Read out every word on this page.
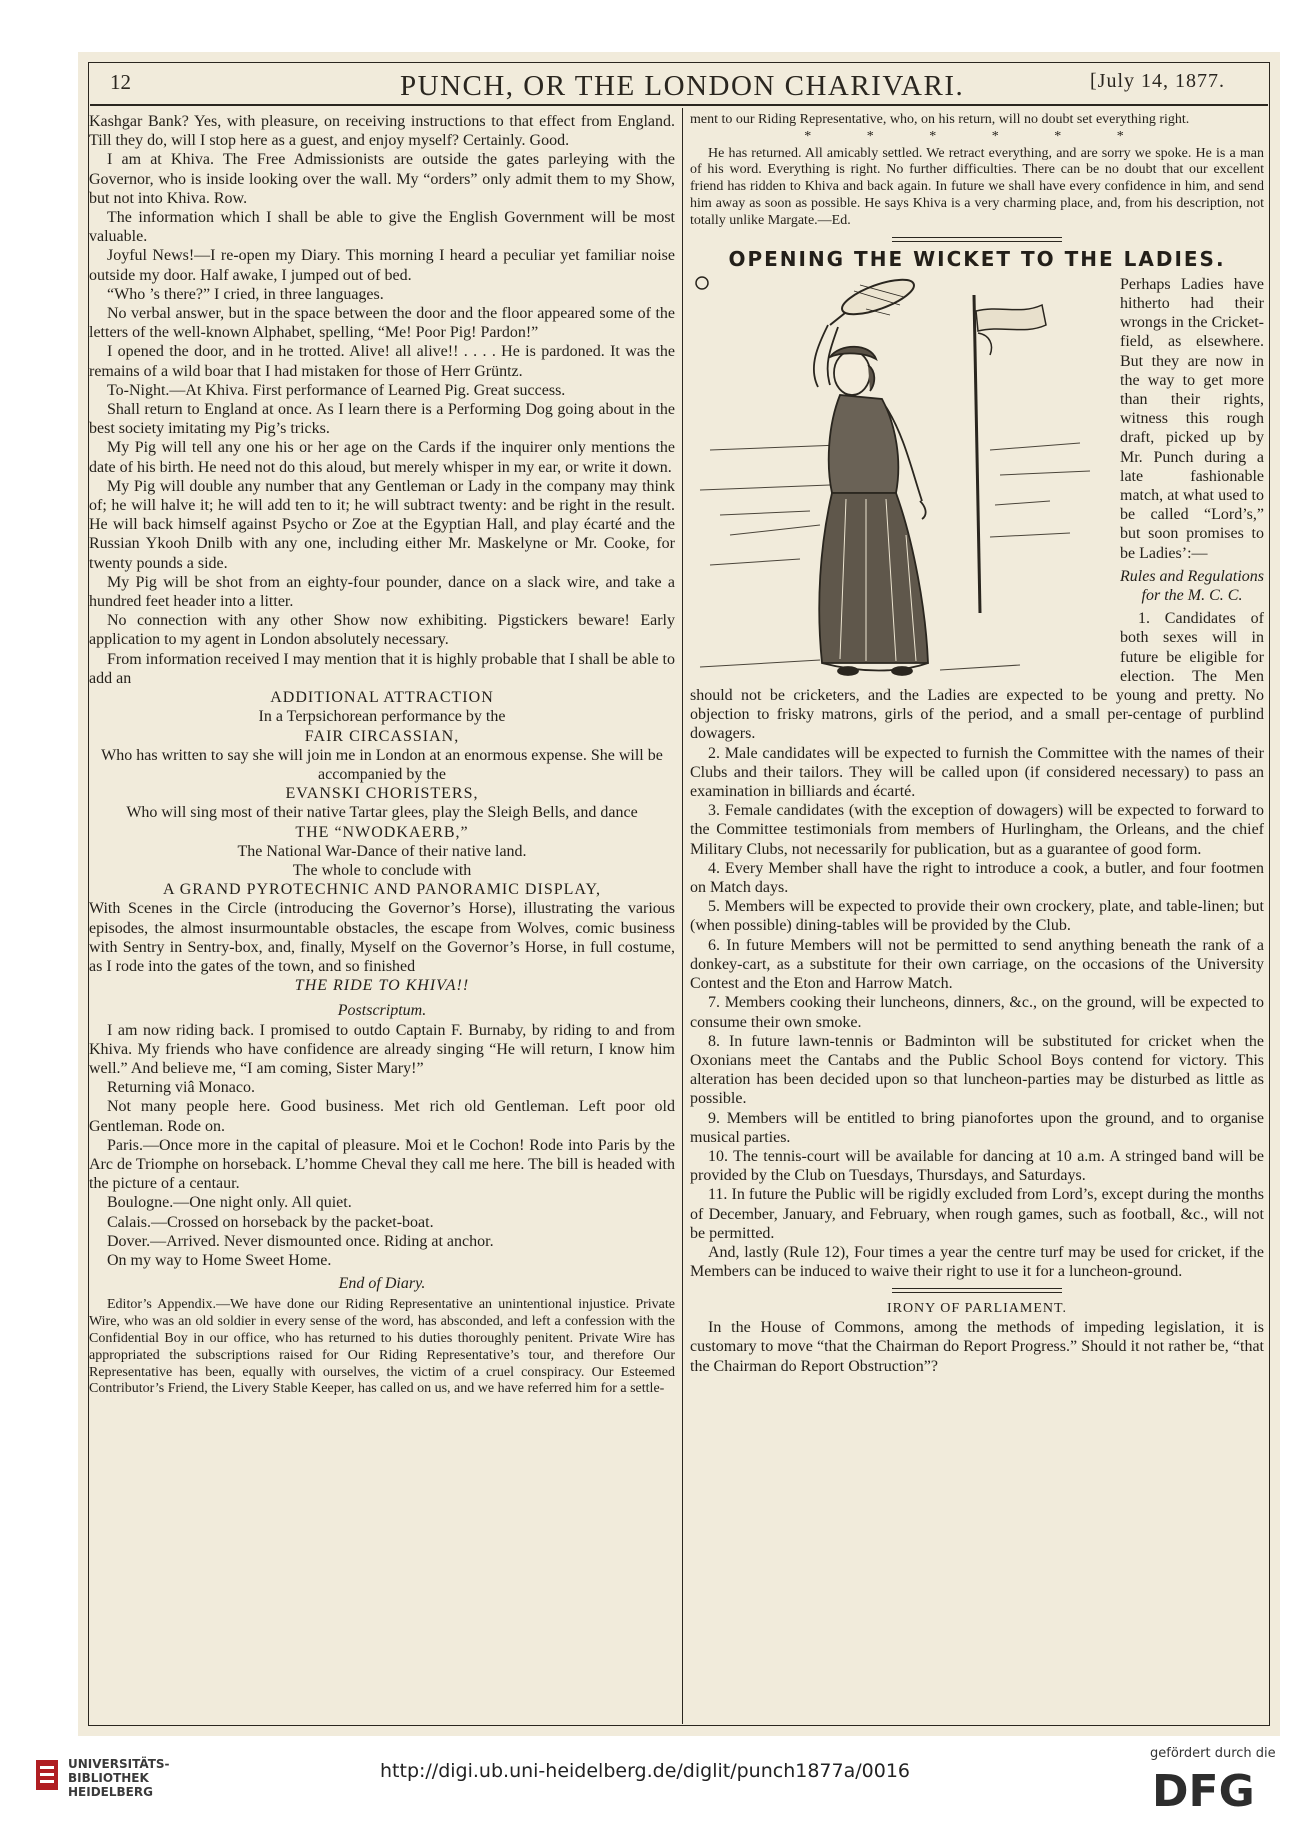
12	PUNCH, OR THE LONDON CHARIVARI.	[July 14, 1877.

Kashgar Bank? Yes, with pleasure, on receiving instructions to that effect from England. Till they do, will I stop here as a guest, and enjoy myself? Certainly. Good.

I am at Khiva. The Free Admissionists are outside the gates parleying with the Governor, who is inside looking over the wall. My “orders” only admit them to my Show, but not into Khiva. Row.

The information which I shall be able to give the English Government will be most valuable.

Joyful News!—I re-open my Diary. This morning I heard a peculiar yet familiar noise outside my door. Half awake, I jumped out of bed.

“Who ’s there?” I cried, in three languages.

No verbal answer, but in the space between the door and the floor appeared some of the letters of the well-known Alphabet, spelling, “Me! Poor Pig! Pardon!”

I opened the door, and in he trotted. Alive! all alive!! . . . . He is pardoned. It was the remains of a wild boar that I had mistaken for those of Herr Grüntz.

To-Night.—At Khiva. First performance of Learned Pig. Great success.

Shall return to England at once. As I learn there is a Performing Dog going about in the best society imitating my Pig’s tricks.

My Pig will tell any one his or her age on the Cards if the inquirer only mentions the date of his birth. He need not do this aloud, but merely whisper in my ear, or write it down.

My Pig will double any number that any Gentleman or Lady in the company may think of; he will halve it; he will add ten to it; he will subtract twenty: and be right in the result. He will back himself against Psycho or Zoe at the Egyptian Hall, and play écarté and the Russian Ykooh Dnilb with any one, including either Mr. Maskelyne or Mr. Cooke, for twenty pounds a side.

My Pig will be shot from an eighty-four pounder, dance on a slack wire, and take a hundred feet header into a litter.

No connection with any other Show now exhibiting. Pigstickers beware! Early application to my agent in London absolutely necessary.

From information received I may mention that it is highly probable that I shall be able to add an

ADDITIONAL ATTRACTION

In a Terpsichorean performance by the

FAIR CIRCASSIAN,

Who has written to say she will join me in London at an enormous expense. She will be accompanied by the

EVANSKI CHORISTERS,

Who will sing most of their native Tartar glees, play the Sleigh Bells, and dance

THE “NWODKAERB,”

The National War-Dance of their native land.

The whole to conclude with

A GRAND PYROTECHNIC AND PANORAMIC DISPLAY,

With Scenes in the Circle (introducing the Governor’s Horse), illustrating the various episodes, the almost insurmountable obstacles, the escape from Wolves, comic business with Sentry in Sentry-box, and, finally, Myself on the Governor’s Horse, in full costume, as I rode into the gates of the town, and so finished

THE RIDE TO KHIVA!!

Postscriptum.

I am now riding back. I promised to outdo Captain F. Burnaby, by riding to and from Khiva. My friends who have confidence are already singing “He will return, I know him well.” And believe me, “I am coming, Sister Mary!”

Returning viâ Monaco.

Not many people here. Good business. Met rich old Gentleman. Left poor old Gentleman. Rode on.

Paris.—Once more in the capital of pleasure. Moi et le Cochon! Rode into Paris by the Arc de Triomphe on horseback. L’homme Cheval they call me here. The bill is headed with the picture of a centaur.

Boulogne.—One night only. All quiet.

Calais.—Crossed on horseback by the packet-boat.

Dover.—Arrived. Never dismounted once. Riding at anchor.

On my way to Home Sweet Home.

End of Diary.

Editor’s Appendix.—We have done our Riding Representative an unintentional injustice. Private Wire, who was an old soldier in every sense of the word, has absconded, and left a confession with the Confidential Boy in our office, who has returned to his duties thoroughly penitent. Private Wire has appropriated the subscriptions raised for Our Riding Representative’s tour, and therefore Our Representative has been, equally with ourselves, the victim of a cruel conspiracy. Our Esteemed Contributor’s Friend, the Livery Stable Keeper, has called on us, and we have referred him for a settle-

ment to our Riding Representative, who, on his return, will no doubt set everything right.

* * * * * *

He has returned. All amicably settled. We retract everything, and are sorry we spoke. He is a man of his word. Everything is right. No further difficulties. There can be no doubt that our excellent friend has ridden to Khiva and back again. In future we shall have every confidence in him, and send him away as soon as possible. He says Khiva is a very charming place, and, from his description, not totally unlike Margate.—Ed.

OPENING THE WICKET TO THE LADIES.

Perhaps Ladies have hitherto had their wrongs in the Cricket-field, as elsewhere. But they are now in the way to get more than their rights, witness this rough draft, picked up by Mr. Punch during a late fashionable match, at what used to be called “Lord’s,” but soon promises to be Ladies’:—

Rules and Regulations for the M. C. C.

1. Candidates of both sexes will in future be eligible for election. The Men should not be cricketers, and the Ladies are expected to be young and pretty. No objection to frisky matrons, girls of the period, and a small per-centage of purblind dowagers.

2. Male candidates will be expected to furnish the Committee with the names of their Clubs and their tailors. They will be called upon (if considered necessary) to pass an examination in billiards and écarté.

3. Female candidates (with the exception of dowagers) will be expected to forward to the Committee testimonials from members of Hurlingham, the Orleans, and the chief Military Clubs, not necessarily for publication, but as a guarantee of good form.

4. Every Member shall have the right to introduce a cook, a butler, and four footmen on Match days.

5. Members will be expected to provide their own crockery, plate, and table-linen; but (when possible) dining-tables will be provided by the Club.

6. In future Members will not be permitted to send anything beneath the rank of a donkey-cart, as a substitute for their own carriage, on the occasions of the University Contest and the Eton and Harrow Match.

7. Members cooking their luncheons, dinners, &c., on the ground, will be expected to consume their own smoke.

8. In future lawn-tennis or Badminton will be substituted for cricket when the Oxonians meet the Cantabs and the Public School Boys contend for victory. This alteration has been decided upon so that luncheon-parties may be disturbed as little as possible.

9. Members will be entitled to bring pianofortes upon the ground, and to organise musical parties.

10. The tennis-court will be available for dancing at 10 a.m. A stringed band will be provided by the Club on Tuesdays, Thursdays, and Saturdays.

11. In future the Public will be rigidly excluded from Lord’s, except during the months of December, January, and February, when rough games, such as football, &c., will not be permitted.

And, lastly (Rule 12), Four times a year the centre turf may be used for cricket, if the Members can be induced to waive their right to use it for a luncheon-ground.

IRONY OF PARLIAMENT.

In the House of Commons, among the methods of impeding legislation, it is customary to move “that the Chairman do Report Progress.” Should it not rather be, “that the Chairman do Report Obstruction”?

UNIVERSITÄTS-
BIBLIOTHEK
HEIDELBERG
http://digi.ub.uni-heidelberg.de/diglit/punch1877a/0016
gefördert durch die
DFG
